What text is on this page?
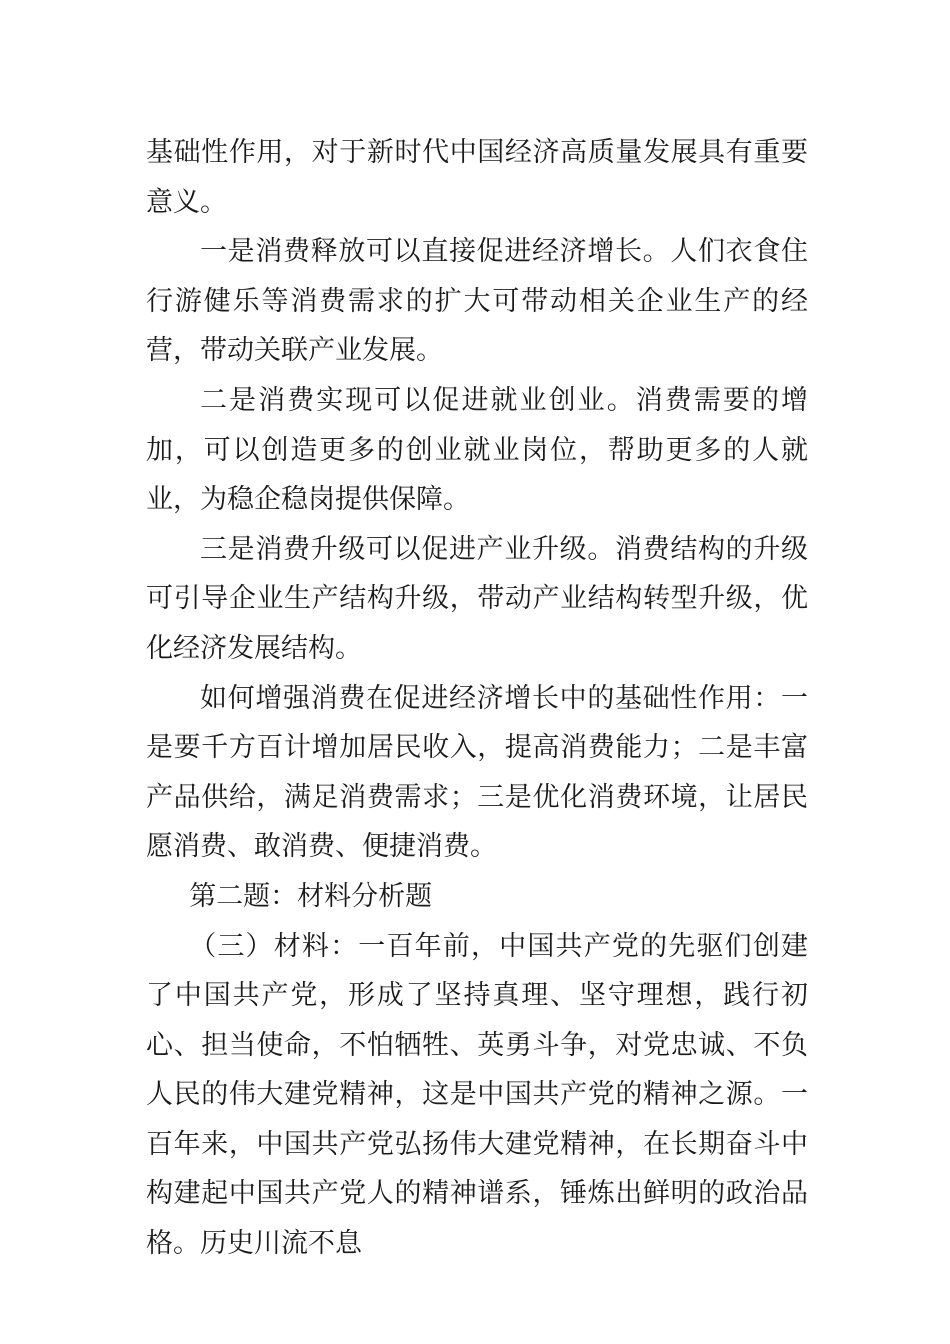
基础性作用，对于新时代中国经济高质量发展具有重要意义。

一是消费释放可以直接促进经济增长。人们衣食住行游健乐等消费需求的扩大可带动相关企业生产的经营，带动关联产业发展。

二是消费实现可以促进就业创业。消费需要的增加，可以创造更多的创业就业岗位，帮助更多的人就业，为稳企稳岗提供保障。

三是消费升级可以促进产业升级。消费结构的升级可引导企业生产结构升级，带动产业结构转型升级，优化经济发展结构。

如何增强消费在促进经济增长中的基础性作用：一是要千方百计增加居民收入，提高消费能力；二是丰富产品供给，满足消费需求；三是优化消费环境，让居民愿消费、敢消费、便捷消费。

第二题：材料分析题

（三）材料：一百年前，中国共产党的先驱们创建了中国共产党，形成了坚持真理、坚守理想，践行初心、担当使命，不怕牺牲、英勇斗争，对党忠诚、不负人民的伟大建党精神，这是中国共产党的精神之源。一百年来，中国共产党弘扬伟大建党精神，在长期奋斗中构建起中国共产党人的精神谱系，锤炼出鲜明的政治品格。历史川流不息
